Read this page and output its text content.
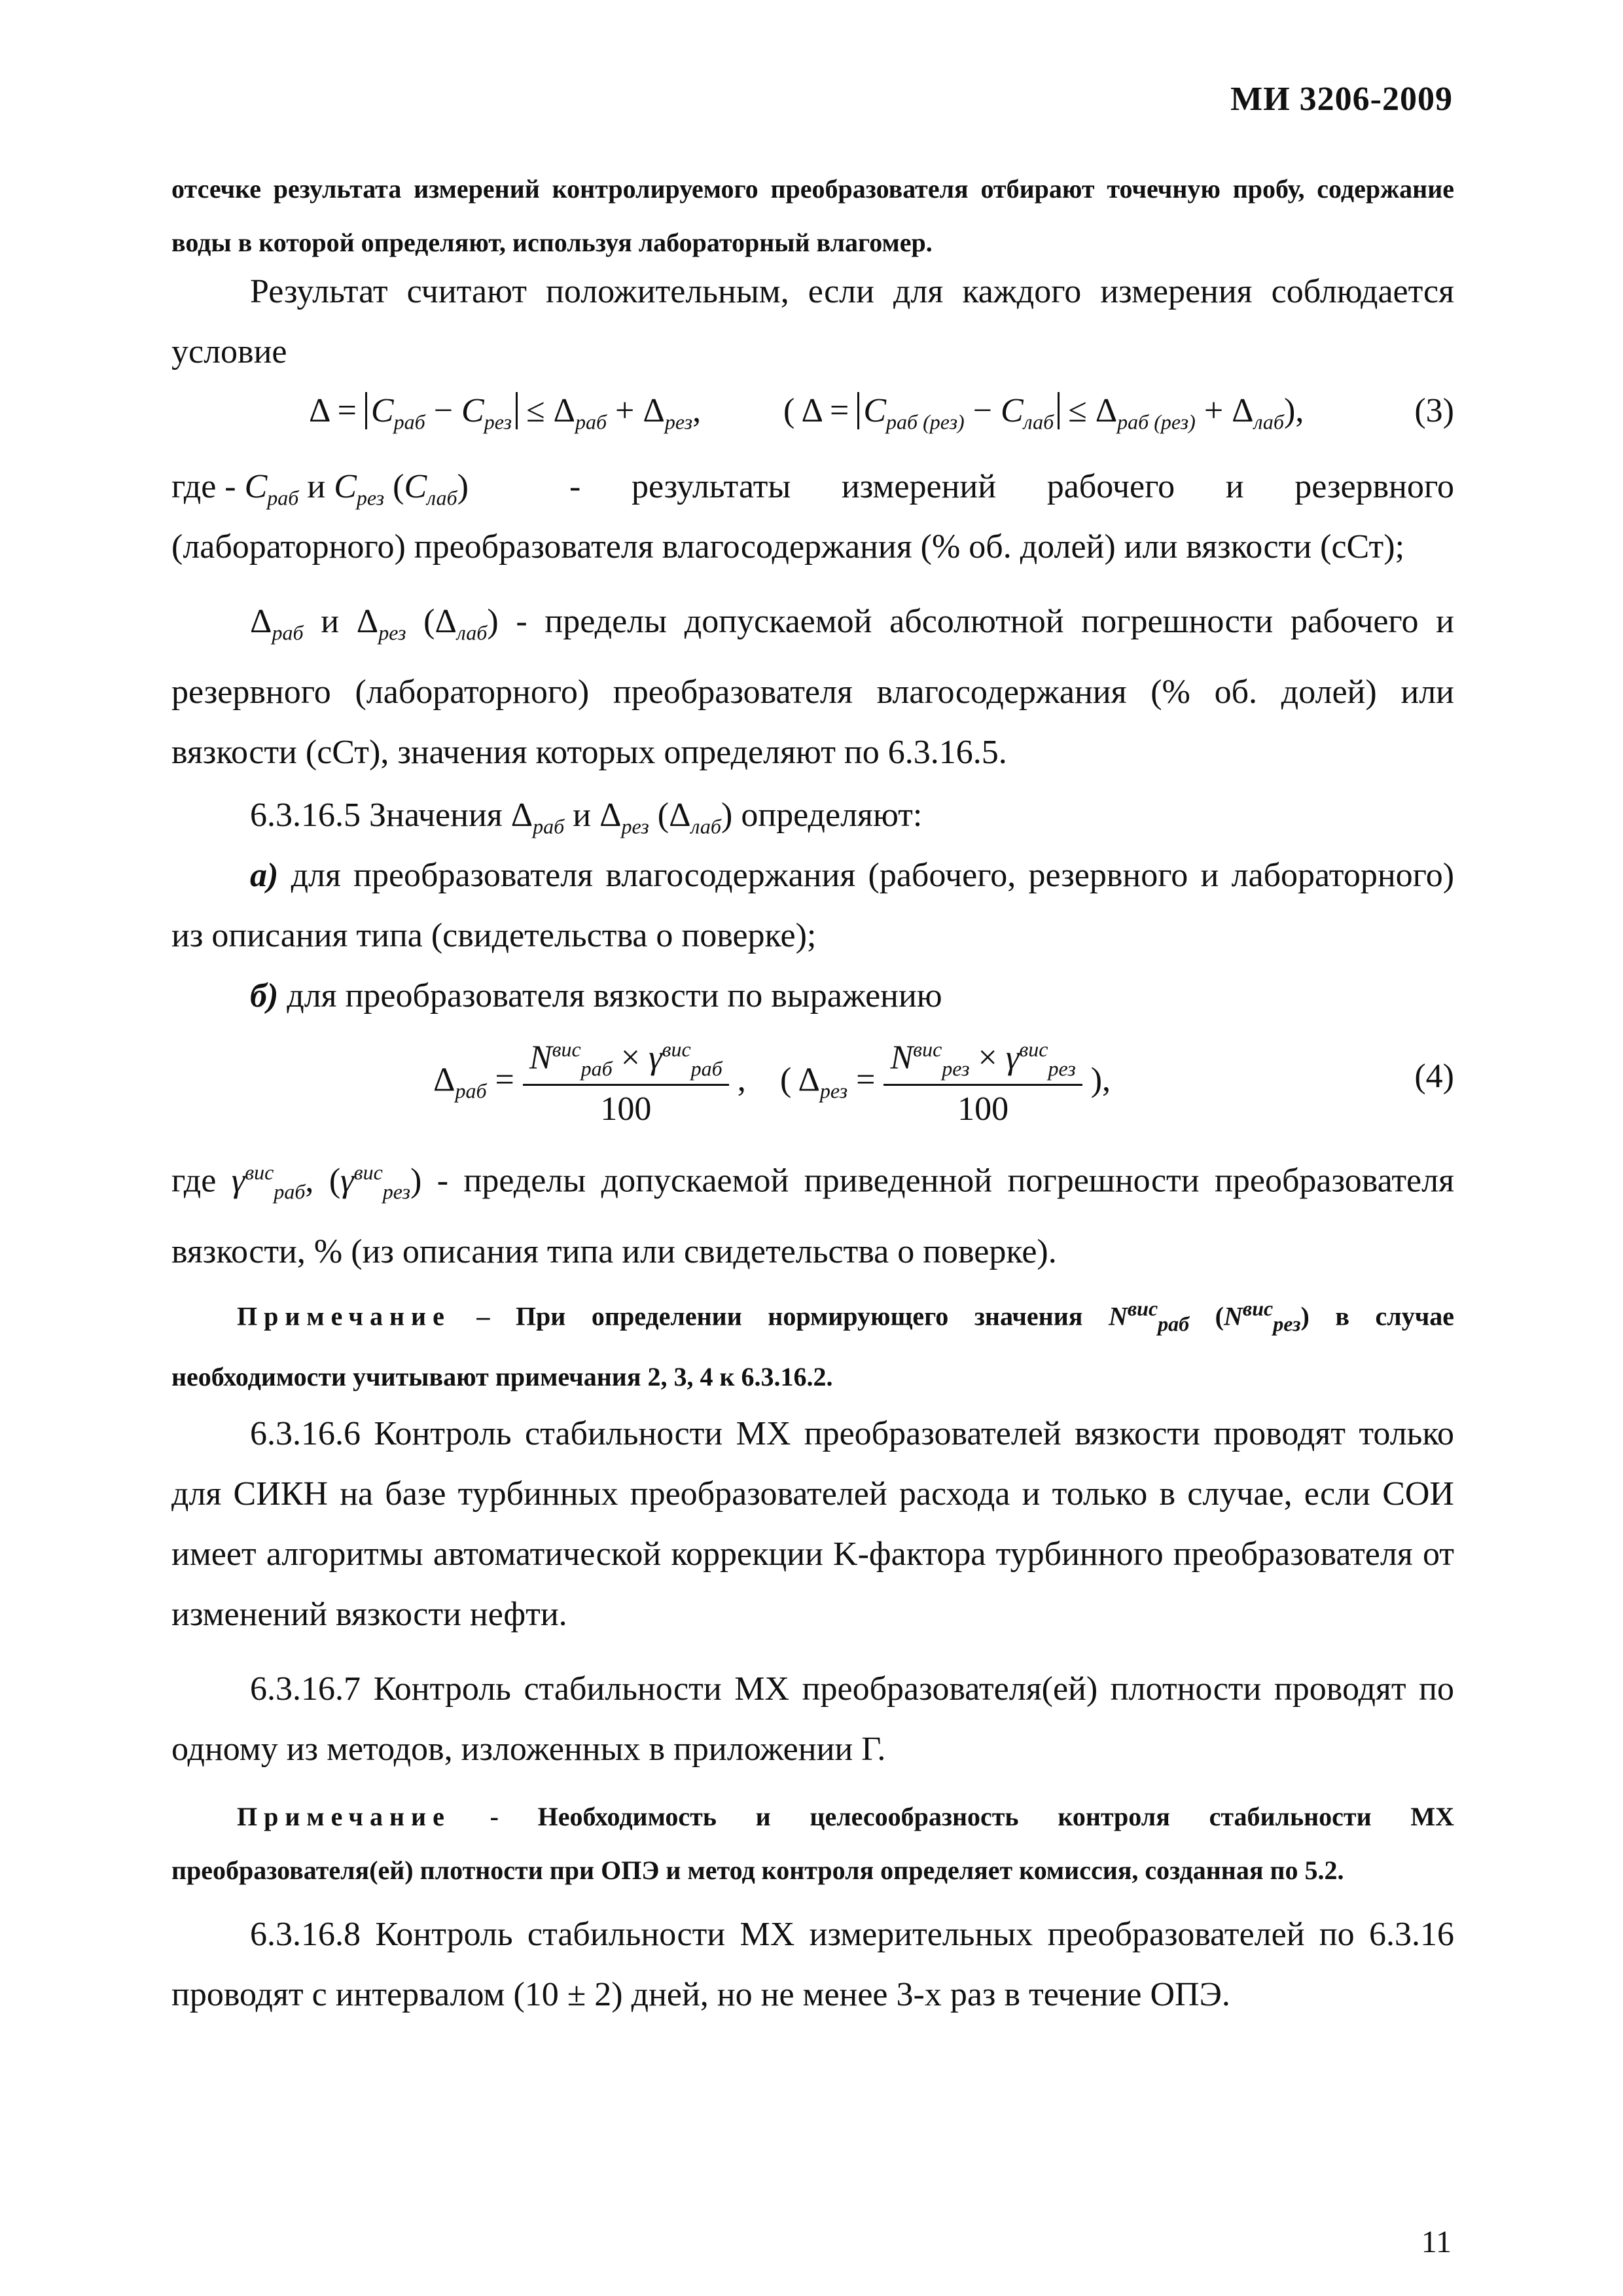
МИ 3206-2009
отсечке результата измерений контролируемого преобразователя отбирают точечную пробу, содержание воды в которой определяют, используя лабораторный влагомер.
Результат считают положительным, если для каждого измерения соблюдается условие
$\Delta = C_{раб} - C_{рез} \le \Delta_{раб} + \Delta_{рез}$, ( $\Delta = C_{раб (рез)} - C_{лаб} \le \Delta_{раб (рез)} + \Delta_{лаб}$),	(3)
где - $C_{раб}$ и $C_{рез}$ $(C_{лаб})$	- результаты измерений рабочего и резервного (лабораторного) преобразователя влагосодержания (% об. долей) или вязкости (сСт);
$\Delta_{раб}$ и $\Delta_{рез}$ $(\Delta_{лаб})$ - пределы допускаемой абсолютной погрешности рабочего и резервного (лабораторного) преобразователя влагосодержания (% об. долей) или вязкости (сСт), значения которых определяют по 6.3.16.5.
6.3.16.5 Значения $\Delta_{раб}$ и $\Delta_{рез}$ $(\Delta_{лаб})$ определяют:
а) для преобразователя влагосодержания (рабочего, резервного и лабораторного) из описания типа (свидетельства о поверке);
б) для преобразователя вязкости по выражению
$\Delta_{раб} = \frac{N^{вис}_{раб} \times \gamma^{вис}_{раб}}{100}$ , ( $\Delta_{рез} = \frac{N^{вис}_{рез} \times \gamma^{вис}_{рез}}{100}$ ),	(4)
где $\gamma^{вис}_{раб}$, $(\gamma^{вис}_{рез})$ - пределы допускаемой приведенной погрешности преобразователя вязкости, % (из описания типа или свидетельства о поверке).
Примечание – При определении нормирующего значения $N^{вис}_{раб}$ $(N^{вис}_{рез})$ в случае необходимости учитывают примечания 2, 3, 4 к 6.3.16.2.
6.3.16.6 Контроль стабильности МХ преобразователей вязкости проводят только для СИКН на базе турбинных преобразователей расхода и только в случае, если СОИ имеет алгоритмы автоматической коррекции K-фактора турбинного преобразователя от изменений вязкости нефти.
6.3.16.7 Контроль стабильности МХ преобразователя(ей) плотности проводят по одному из методов, изложенных в приложении Г.
Примечание - Необходимость и целесообразность контроля стабильности МХ преобразователя(ей) плотности при ОПЭ и метод контроля определяет комиссия, созданная по 5.2.
6.3.16.8 Контроль стабильности МХ измерительных преобразователей по 6.3.16 проводят с интервалом (10 ± 2) дней, но не менее 3-х раз в течение ОПЭ.
11
